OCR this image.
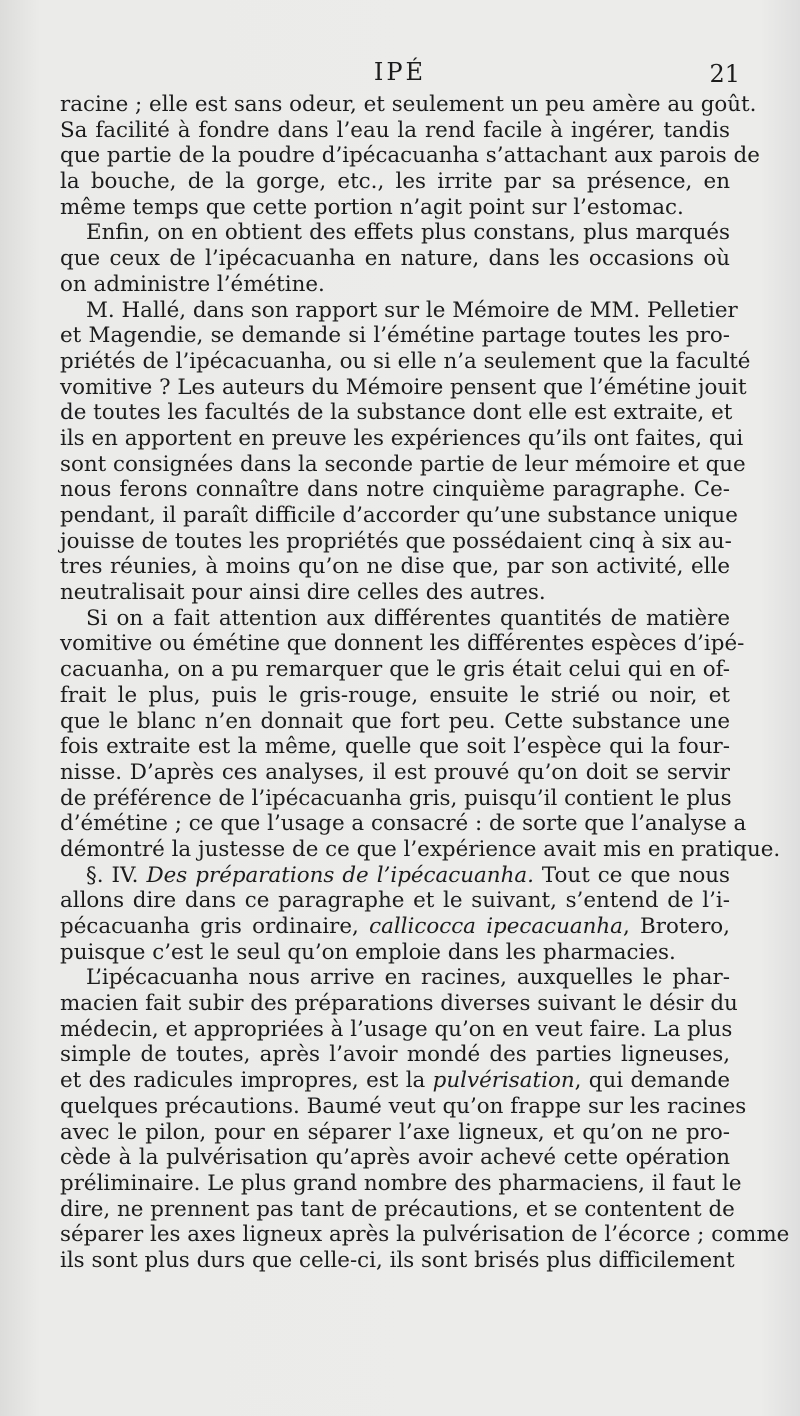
IPÉ	21
racine ; elle est sans odeur, et seulement un peu amère au goût.
Sa facilité à fondre dans l’eau la rend facile à ingérer, tandis
que partie de la poudre d’ipécacuanha s’attachant aux parois de
la bouche, de la gorge, etc., les irrite par sa présence, en
même temps que cette portion n’agit point sur l’estomac.
Enfin, on en obtient des effets plus constans, plus marqués
que ceux de l’ipécacuanha en nature, dans les occasions où
on administre l’émétine.
M. Hallé, dans son rapport sur le Mémoire de MM. Pelletier
et Magendie, se demande si l’émétine partage toutes les pro-
priétés de l’ipécacuanha, ou si elle n’a seulement que la faculté
vomitive ? Les auteurs du Mémoire pensent que l’émétine jouit
de toutes les facultés de la substance dont elle est extraite, et
ils en apportent en preuve les expériences qu’ils ont faites, qui
sont consignées dans la seconde partie de leur mémoire et que
nous ferons connaître dans notre cinquième paragraphe. Ce-
pendant, il paraît difficile d’accorder qu’une substance unique
jouisse de toutes les propriétés que possédaient cinq à six au-
tres réunies, à moins qu’on ne dise que, par son activité, elle
neutralisait pour ainsi dire celles des autres.
Si on a fait attention aux différentes quantités de matière
vomitive ou émétine que donnent les différentes espèces d’ipé-
cacuanha, on a pu remarquer que le gris était celui qui en of-
frait le plus, puis le gris-rouge, ensuite le strié ou noir, et
que le blanc n’en donnait que fort peu. Cette substance une
fois extraite est la même, quelle que soit l’espèce qui la four-
nisse. D’après ces analyses, il est prouvé qu’on doit se servir
de préférence de l’ipécacuanha gris, puisqu’il contient le plus
d’émétine ; ce que l’usage a consacré : de sorte que l’analyse a
démontré la justesse de ce que l’expérience avait mis en pratique.
§. IV. Des préparations de l’ipécacuanha. Tout ce que nous
allons dire dans ce paragraphe et le suivant, s’entend de l’i-
pécacuanha gris ordinaire, callicocca ipecacuanha, Brotero,
puisque c’est le seul qu’on emploie dans les pharmacies.
L’ipécacuanha nous arrive en racines, auxquelles le phar-
macien fait subir des préparations diverses suivant le désir du
médecin, et appropriées à l’usage qu’on en veut faire. La plus
simple de toutes, après l’avoir mondé des parties ligneuses,
et des radicules impropres, est la pulvérisation, qui demande
quelques précautions. Baumé veut qu’on frappe sur les racines
avec le pilon, pour en séparer l’axe ligneux, et qu’on ne pro-
cède à la pulvérisation qu’après avoir achevé cette opération
préliminaire. Le plus grand nombre des pharmaciens, il faut le
dire, ne prennent pas tant de précautions, et se contentent de
séparer les axes ligneux après la pulvérisation de l’écorce ; comme
ils sont plus durs que celle-ci, ils sont brisés plus difficilement
